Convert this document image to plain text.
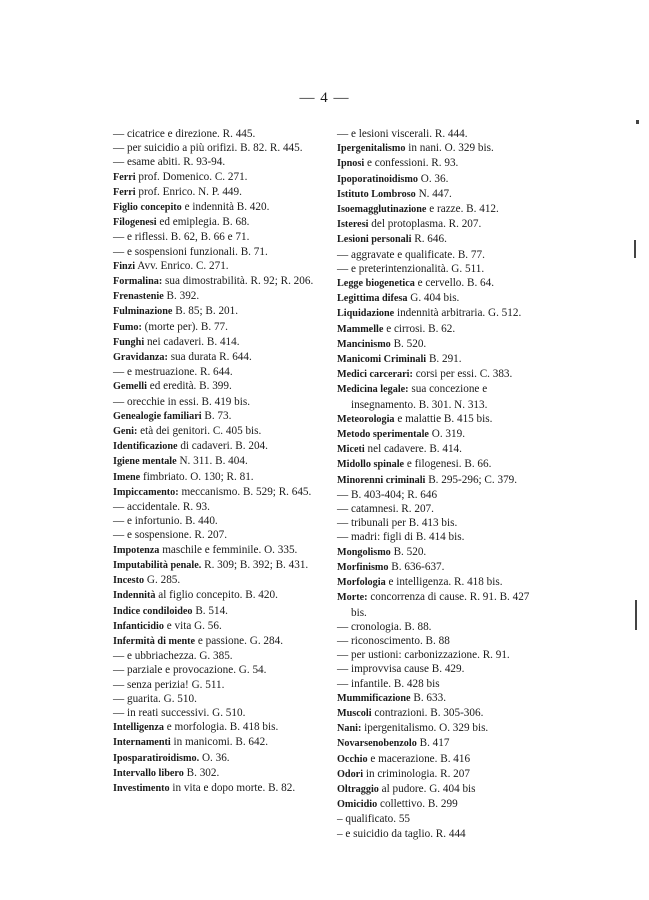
— 4 —

— cicatrice e direzione. R. 445.

— per suicidio a più orifizi. B. 82. R. 445.

— esame abiti. R. 93-94.

Ferri prof. Domenico. C. 271.

Ferri prof. Enrico. N. P. 449.

Figlio concepito e indennità B. 420.

Filogenesi ed emiplegia. B. 68.

— e riflessi. B. 62, B. 66 e 71.

— e sospensioni funzionali. B. 71.

Finzi Avv. Enrico. C. 271.

Formalina: sua dimostrabilità. R. 92; R. 206.

Frenastenie B. 392.

Fulminazione B. 85; B. 201.

Fumo: (morte per). B. 77.

Funghi nei cadaveri. B. 414.

Gravidanza: sua durata R. 644.

— e mestruazione. R. 644.

Gemelli ed eredità. B. 399.

— orecchie in essi. B. 419 bis.

Genealogie familiari B. 73.

Geni: età dei genitori. C. 405 bis.

Identificazione di cadaveri. B. 204.

Igiene mentale N. 311. B. 404.

Imene fimbriato. O. 130; R. 81.

Impiccamento: meccanismo. B. 529; R. 645.

— accidentale. R. 93.

— e infortunio. B. 440.

— e sospensione. R. 207.

Impotenza maschile e femminile. O. 335.

Imputabilità penale. R. 309; B. 392; B. 431.

Incesto G. 285.

Indennità al figlio concepito. B. 420.

Indice condiloideo B. 514.

Infanticidio e vita G. 56.

Infermità di mente e passione. G. 284.

— e ubbriachezza. G. 385.

— parziale e provocazione. G. 54.

— senza perizia! G. 511.

— guarita. G. 510.

— in reati successivi. G. 510.

Intelligenza e morfologia. B. 418 bis.

Internamenti in manicomi. B. 642.

Iposparatiroidismo. O. 36.

Intervallo libero B. 302.

Investimento in vita e dopo morte. B. 82.

— e lesioni viscerali. R. 444.

Ipergenitalismo in nani. O. 329 bis.

Ipnosi e confessioni. R. 93.

Ipoporatinoidismo O. 36.

Istituto Lombroso N. 447.

Isoemagglutinazione e razze. B. 412.

Isteresi del protoplasma. R. 207.

Lesioni personali R. 646.

— aggravate e qualificate. B. 77.

— e preterintenzionalità. G. 511.

Legge biogenetica e cervello. B. 64.

Legittima difesa G. 404 bis.

Liquidazione indennità arbitraria. G. 512.

Mammelle e cirrosi. B. 62.

Mancinismo B. 520.

Manicomi Criminali B. 291.

Medici carcerari: corsi per essi. C. 383.

Medicina legale: sua concezione e insegnamento. B. 301. N. 313.

Meteorologia e malattie B. 415 bis.

Metodo sperimentale O. 319.

Miceti nel cadavere. B. 414.

Midollo spinale e filogenesi. B. 66.

Minorenni criminali B. 295-296; C. 379.

— B. 403-404; R. 646

— catamnesi. R. 207.

— tribunali per B. 413 bis.

— madri: figli di B. 414 bis.

Mongolismo B. 520.

Morfinismo B. 636-637.

Morfologia e intelligenza. R. 418 bis.

Morte: concorrenza di cause. R. 91. B. 427 bis.

— cronologia. B. 88.

— riconoscimento. B. 88

— per ustioni: carbonizzazione. R. 91.

— improvvisa cause B. 429.

— infantile. B. 428 bis

Mummificazione B. 633.

Muscoli contrazioni. B. 305-306.

Nani: ipergenitalismo. O. 329 bis.

Novarsenobenzolo B. 417

Occhio e macerazione. B. 416

Odori in criminologia. R. 207

Oltraggio al pudore. G. 404 bis

Omicidio collettivo. B. 299

– qualificato. 55

– e suicidio da taglio. R. 444
